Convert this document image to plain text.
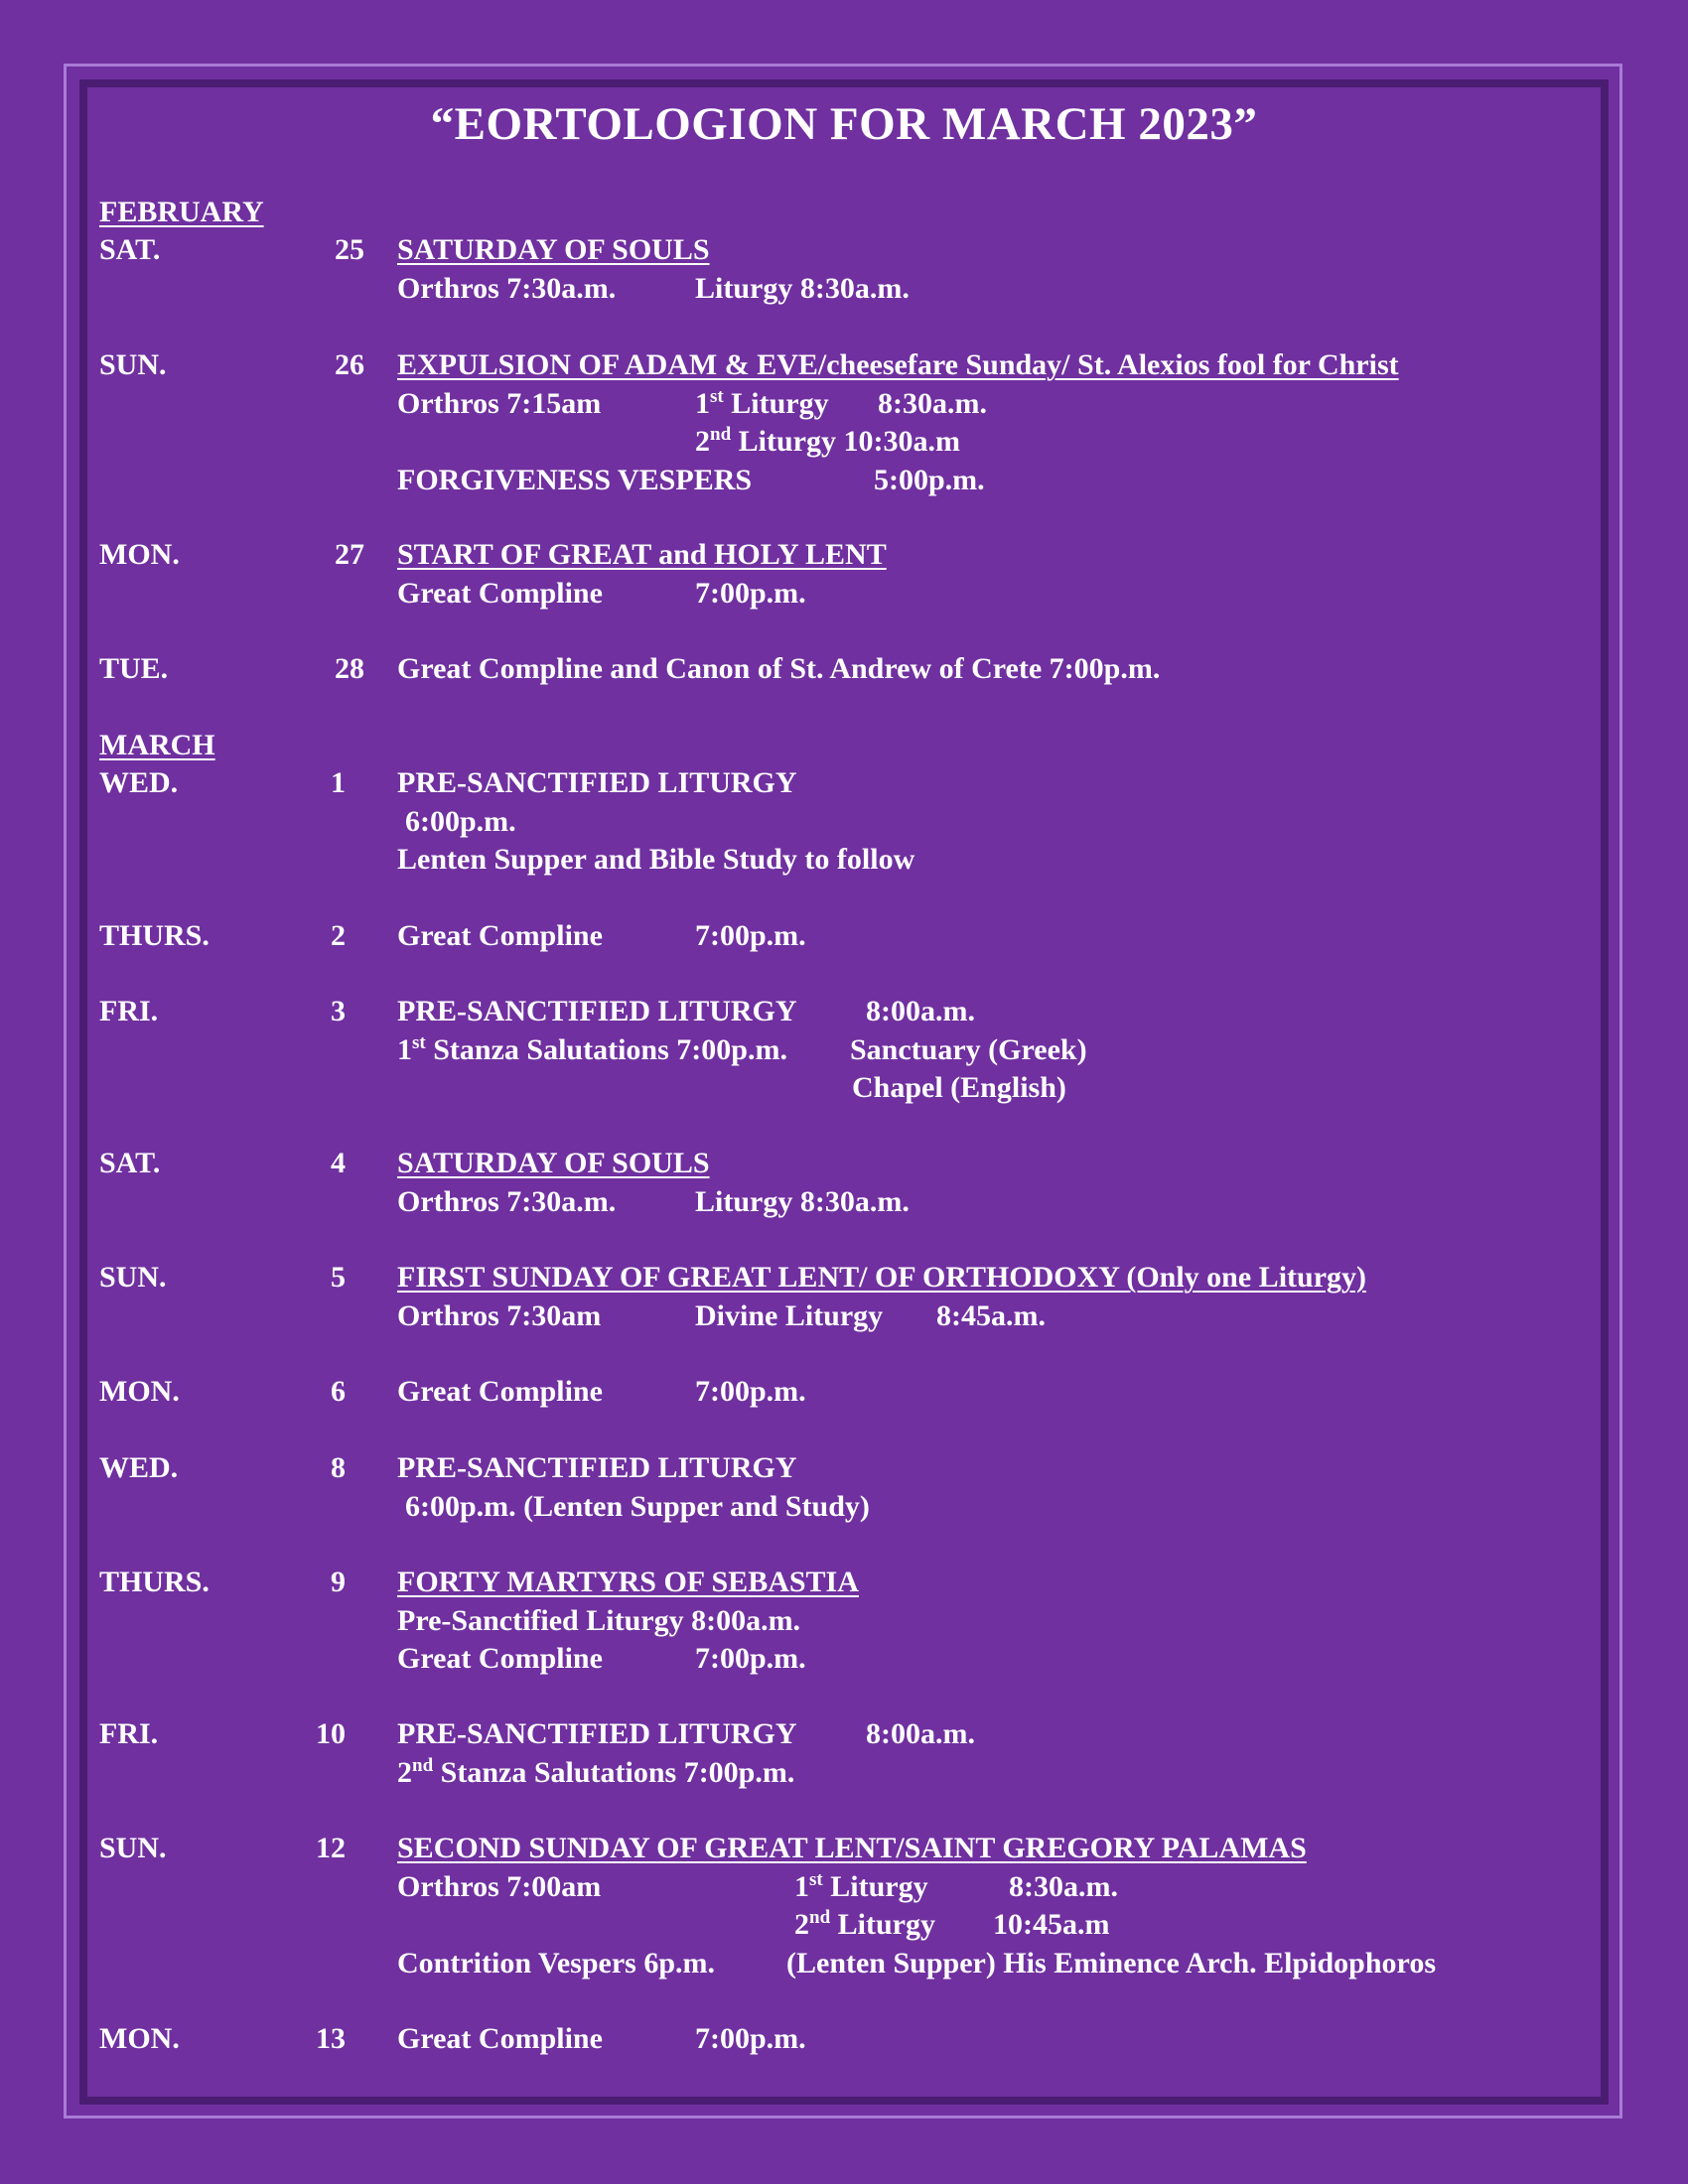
“EORTOLOGION FOR MARCH 2023”
FEBRUARY
SAT.	25 SATURDAY OF SOULS
Orthros 7:30a.m.	Liturgy 8:30a.m.
SUN.	26 EXPULSION OF ADAM & EVE/cheesefare Sunday/ St. Alexios fool for Christ
Orthros 7:15am	1st Liturgy 8:30a.m.
2nd Liturgy 10:30a.m
FORGIVENESS VESPERS	5:00p.m.
MON.	27 START OF GREAT and HOLY LENT
Great Compline	7:00p.m.
TUE.	28 Great Compline and Canon of St. Andrew of Crete 7:00p.m.
MARCH
WED.	1 PRE-SANCTIFIED LITURGY
6:00p.m.
Lenten Supper and Bible Study to follow
THURS.	2 Great Compline	7:00p.m.
FRI.	3 PRE-SANCTIFIED LITURGY 8:00a.m.
1st Stanza Salutations 7:00p.m. Sanctuary (Greek)
Chapel (English)
SAT.	4 SATURDAY OF SOULS
Orthros 7:30a.m.	Liturgy 8:30a.m.
SUN.	5 FIRST SUNDAY OF GREAT LENT/ OF ORTHODOXY (Only one Liturgy)
Orthros 7:30am	Divine Liturgy 8:45a.m.
MON.	6 Great Compline	7:00p.m.
WED.	8 PRE-SANCTIFIED LITURGY
6:00p.m. (Lenten Supper and Study)
THURS.	9 FORTY MARTYRS OF SEBASTIA
Pre-Sanctified Liturgy 8:00a.m.
Great Compline	7:00p.m.
FRI.	10 PRE-SANCTIFIED LITURGY 8:00a.m.
2nd Stanza Salutations 7:00p.m.
SUN.	12 SECOND SUNDAY OF GREAT LENT/SAINT GREGORY PALAMAS
Orthros 7:00am	1st Liturgy	8:30a.m.
2nd Liturgy 10:45a.m
Contrition Vespers 6p.m. (Lenten Supper) His Eminence Arch. Elpidophoros
MON.	13 Great Compline	7:00p.m.
